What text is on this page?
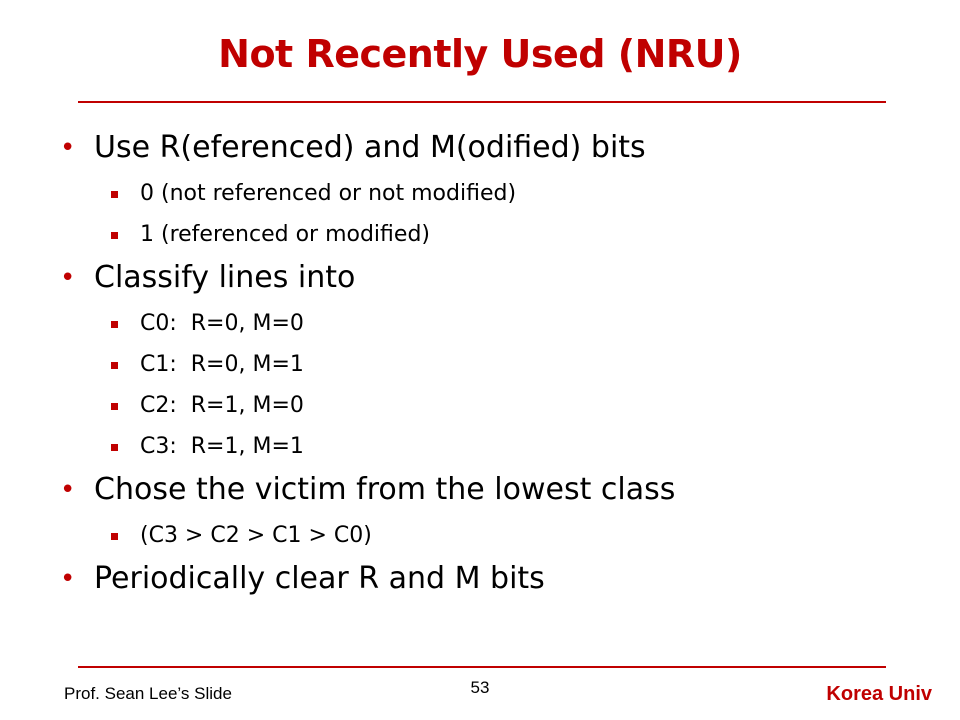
Not Recently Used (NRU)
• Use R(eferenced) and M(odified) bits
0 (not referenced or not modified)
1 (referenced or modified)
• Classify lines into
C0:  R=0, M=0
C1:  R=0, M=1
C2:  R=1, M=0
C3:  R=1, M=1
• Chose the victim from the lowest class
(C3 > C2 > C1 > C0)
• Periodically clear R and M bits
Prof. Sean Lee’s Slide	53	Korea Univ
